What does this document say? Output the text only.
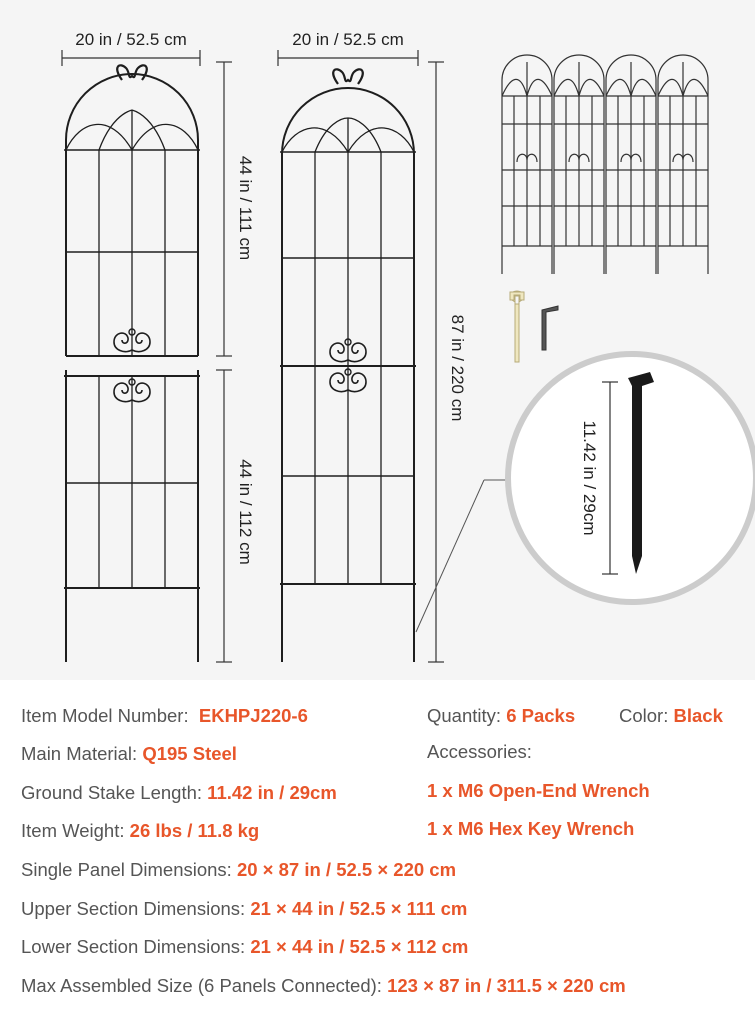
20 in / 52.5 cm	20 in / 52.5 cm
44 in / 111 cm
44 in / 112 cm
87 in / 220 cm
11.42 in / 29cm
Item Model Number: EKHPJ220-6	Quantity: 6 Packs Color: Black
Main Material: Q195 Steel	Accessories:
Ground Stake Length: 11.42 in / 29cm	1 x M6 Open-End Wrench
Item Weight: 26 lbs / 11.8 kg	1 x M6 Hex Key Wrench
Single Panel Dimensions: 20 × 87 in / 52.5 × 220 cm
Upper Section Dimensions: 21 × 44 in / 52.5 × 111 cm
Lower Section Dimensions: 21 × 44 in / 52.5 × 112 cm
Max Assembled Size (6 Panels Connected): 123 × 87 in / 311.5 × 220 cm
